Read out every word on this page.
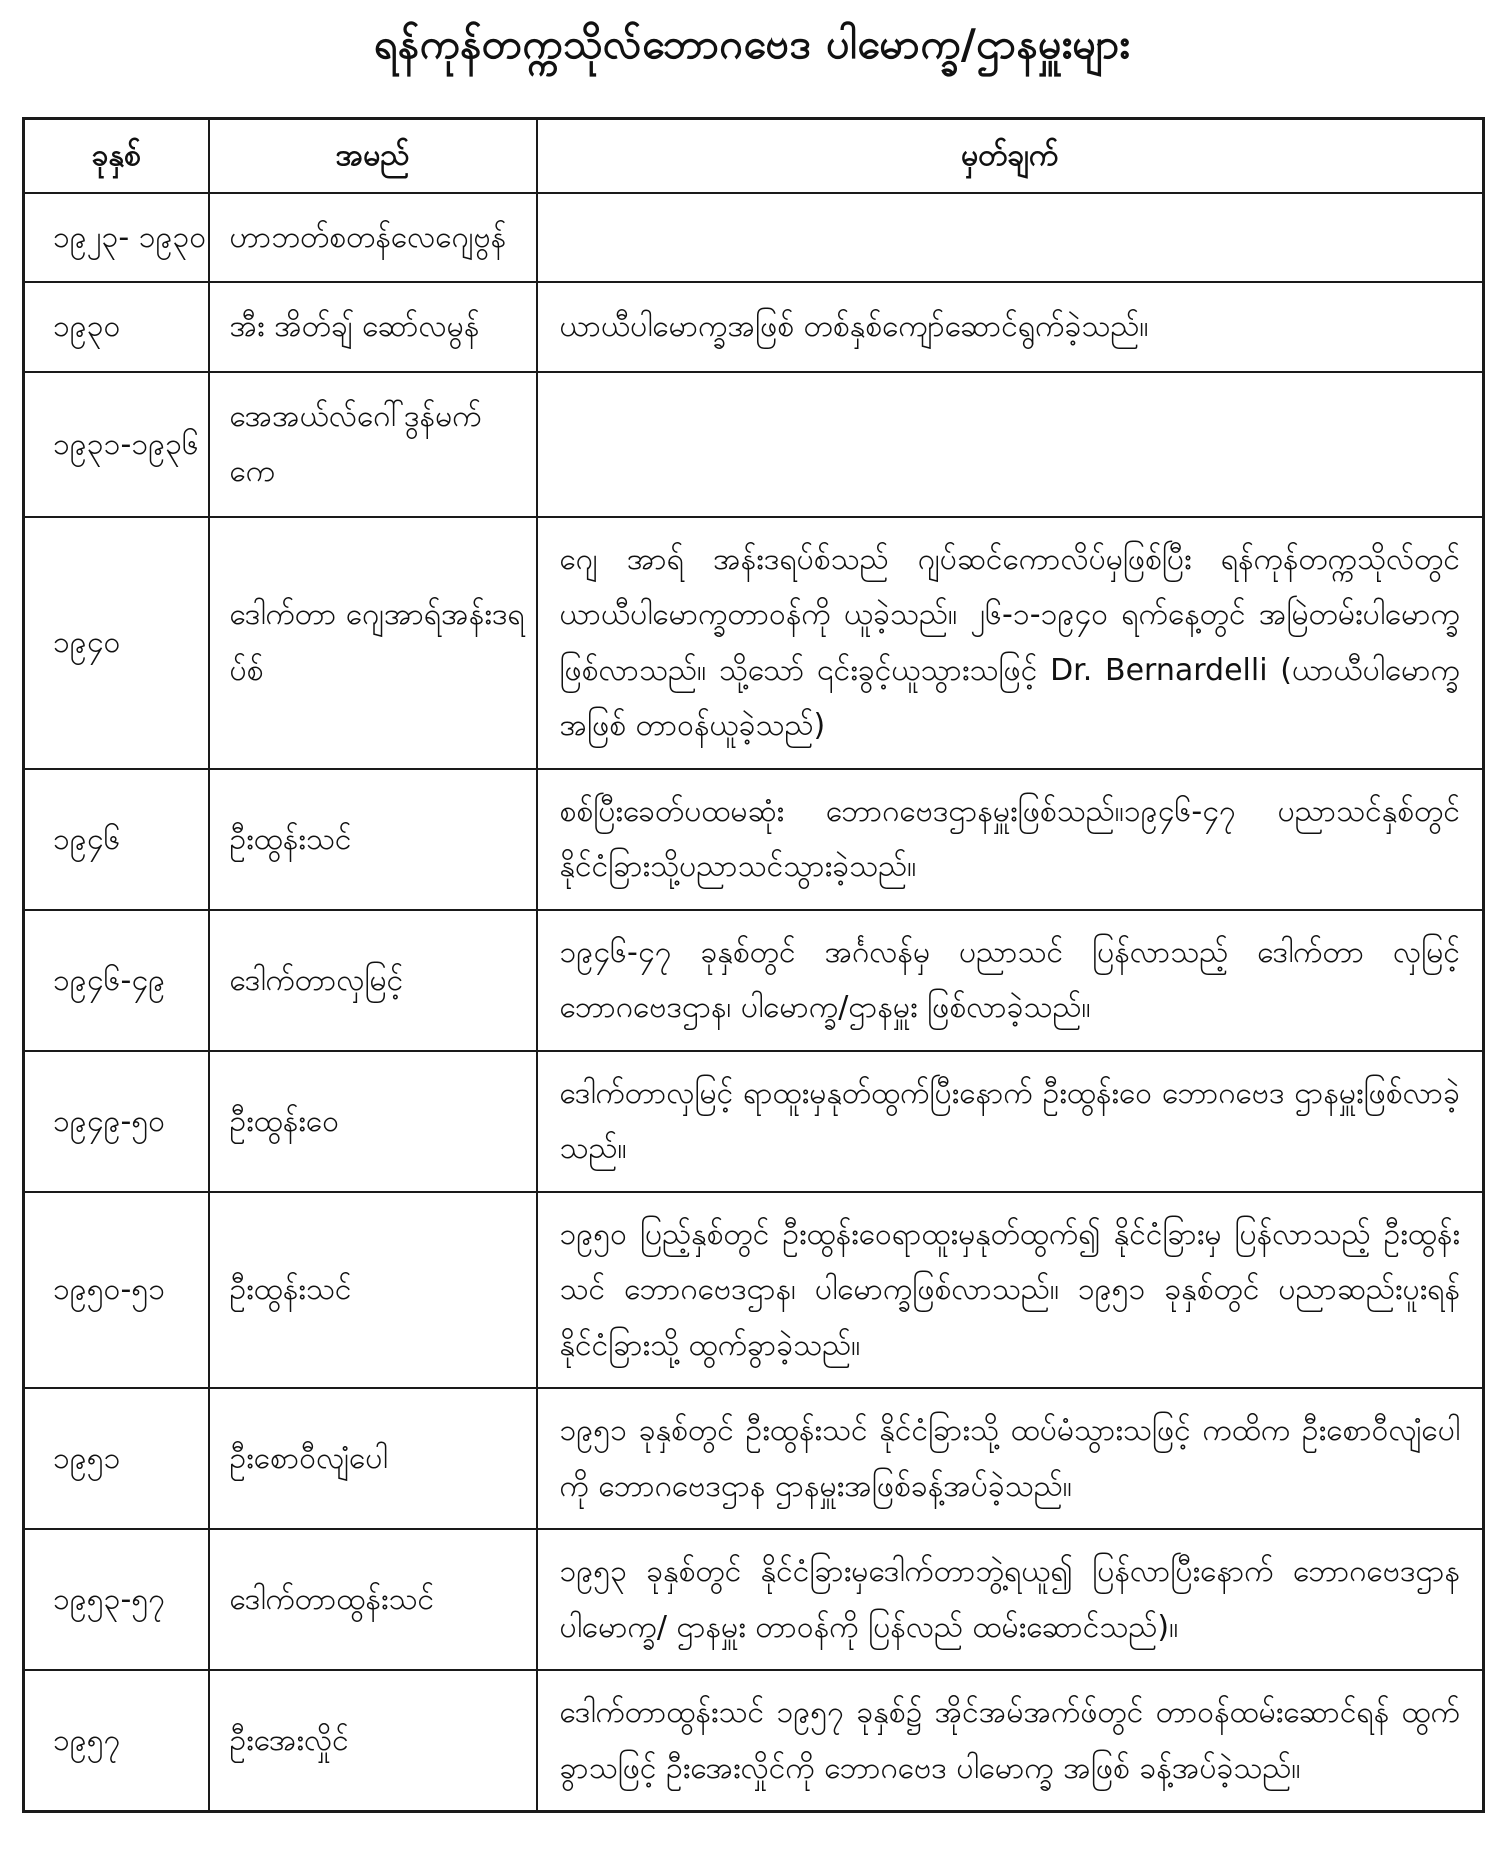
ရန်ကုန်တက္ကသိုလ်ဘောဂဗေဒ ပါမောက္ခ/ဌာနမှူးများ
ခုနှစ်	အမည်	မှတ်ချက်
၁၉၂၃- ၁၉၃၀	ဟာဘတ်စတန်လေဂျေဗွန်	
၁၉၃၀	အီး အိတ်ချ် ဆော်လမွန်	ယာယီပါမောက္ခအဖြစ် တစ်နှစ်ကျော်ဆောင်ရွက်ခဲ့သည်။
၁၉၃၁-၁၉၃၆	အေအယ်လ်ဂေါ်ဒွန်မက်ကေ	
၁၉၄၀	ဒေါက်တာ ဂျေအာရ်အန်းဒရပ်စ်	ဂျေ အာရ် အန်းဒရပ်စ်သည် ဂျပ်ဆင်ကောလိပ်မှဖြစ်ပြီး ရန်ကုန်တက္ကသိုလ်တွင် ယာယီပါမောက္ခတာဝန်ကို ယူခဲ့သည်။ ၂၆-၁-၁၉၄၀ ရက်နေ့တွင် အမြဲတမ်းပါမောက္ခဖြစ်လာသည်။ သို့သော် ၎င်းခွင့်ယူသွားသဖြင့် Dr. Bernardelli (ယာယီပါမောက္ခအဖြစ် တာဝန်ယူခဲ့သည်)
၁၉၄၆	ဦးထွန်းသင်	စစ်ပြီးခေတ်ပထမဆုံး ဘောဂဗေဒဌာနမှူးဖြစ်သည်။၁၉၄၆-၄၇ ပညာသင်နှစ်တွင် နိုင်ငံခြားသို့ပညာသင်သွားခဲ့သည်။
၁၉၄၆-၄၉	ဒေါက်တာလှမြင့်	၁၉၄၆-၄၇ ခုနှစ်တွင် အင်္ဂလန်မှ ပညာသင် ပြန်လာသည့် ဒေါက်တာ လှမြင့် ဘောဂဗေဒဌာန၊ ပါမောက္ခ/ဌာနမှူး ဖြစ်လာခဲ့သည်။
၁၉၄၉-၅၀	ဦးထွန်းဝေ	ဒေါက်တာလှမြင့် ရာထူးမှနုတ်ထွက်ပြီးနောက် ဦးထွန်းဝေ ဘောဂဗေဒ ဌာနမှူးဖြစ်လာခဲ့သည်။
၁၉၅၀-၅၁	ဦးထွန်းသင်	၁၉၅၀ ပြည့်နှစ်တွင် ဦးထွန်းဝေရာထူးမှနုတ်ထွက်၍ နိုင်ငံခြားမှ ပြန်လာသည့် ဦးထွန်းသင် ဘောဂဗေဒဌာန၊ ပါမောက္ခဖြစ်လာသည်။ ၁၉၅၁ ခုနှစ်တွင် ပညာဆည်းပူးရန် နိုင်ငံခြားသို့ ထွက်ခွာခဲ့သည်။
၁၉၅၁	ဦးစောဝီလျံပေါ	၁၉၅၁ ခုနှစ်တွင် ဦးထွန်းသင် နိုင်ငံခြားသို့ ထပ်မံသွားသဖြင့် ကထိက ဦးစောဝီလျံပေါကို ဘောဂဗေဒဌာန ဌာနမှူးအဖြစ်ခန့်အပ်ခဲ့သည်။
၁၉၅၃-၅၇	ဒေါက်တာထွန်းသင်	၁၉၅၃ ခုနှစ်တွင် နိုင်ငံခြားမှဒေါက်တာဘွဲ့ရယူ၍ ပြန်လာပြီးနောက် ဘောဂဗေဒဌာန ပါမောက္ခ/ ဌာနမှူး တာဝန်ကို ပြန်လည် ထမ်းဆောင်သည်)။
၁၉၅၇	ဦးအေးလှိုင်	ဒေါက်တာထွန်းသင် ၁၉၅၇ ခုနှစ်၌ အိုင်အမ်အက်ဖ်တွင် တာဝန်ထမ်းဆောင်ရန် ထွက်ခွာသဖြင့် ဦးအေးလှိုင်ကို ဘောဂဗေဒ ပါမောက္ခ အဖြစ် ခန့်အပ်ခဲ့သည်။
